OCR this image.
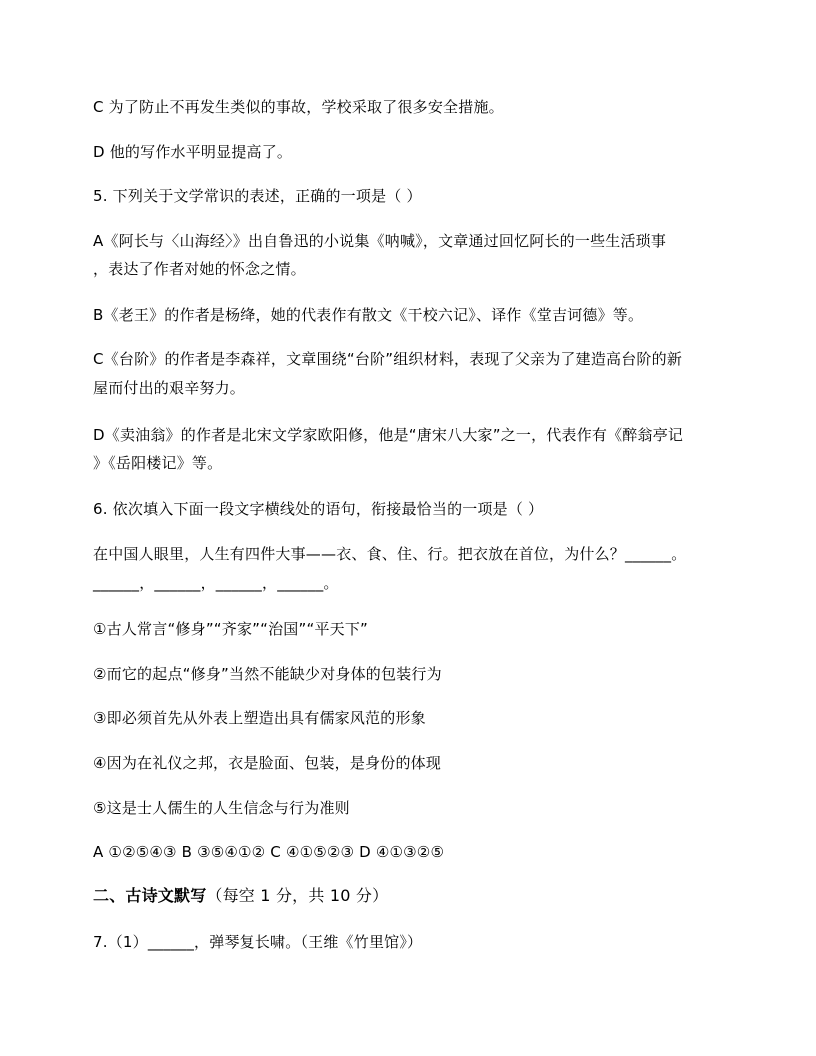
C 为了防止不再发生类似的事故，学校采取了很多安全措施。
D 他的写作水平明显提高了。
5. 下列关于文学常识的表述，正确的一项是（ ）
A《阿长与〈山海经〉》出自鲁迅的小说集《呐喊》，文章通过回忆阿长的一些生活琐事
，表达了作者对她的怀念之情。
B《老王》的作者是杨绛，她的代表作有散文《干校六记》、译作《堂吉诃德》等。
C《台阶》的作者是李森祥，文章围绕“台阶”组织材料，表现了父亲为了建造高台阶的新
屋而付出的艰辛努力。
D《卖油翁》的作者是北宋文学家欧阳修，他是“唐宋八大家”之一，代表作有《醉翁亭记
》《岳阳楼记》等。
6. 依次填入下面一段文字横线处的语句，衔接最恰当的一项是（ ）
在中国人眼里，人生有四件大事——衣、食、住、行。把衣放在首位，为什么？______。
______，______，______，______。
①古人常言“修身”“齐家”“治国”“平天下”
②而它的起点“修身”当然不能缺少对身体的包装行为
③即必须首先从外表上塑造出具有儒家风范的形象
④因为在礼仪之邦，衣是脸面、包装，是身份的体现
⑤这是士人儒生的人生信念与行为准则
A ①②⑤④③ B ③⑤④①② C ④①⑤②③ D ④①③②⑤
二、古诗文默写（每空 1 分，共 10 分）
7.（1）______，弹琴复长啸。（王维《竹里馆》）
